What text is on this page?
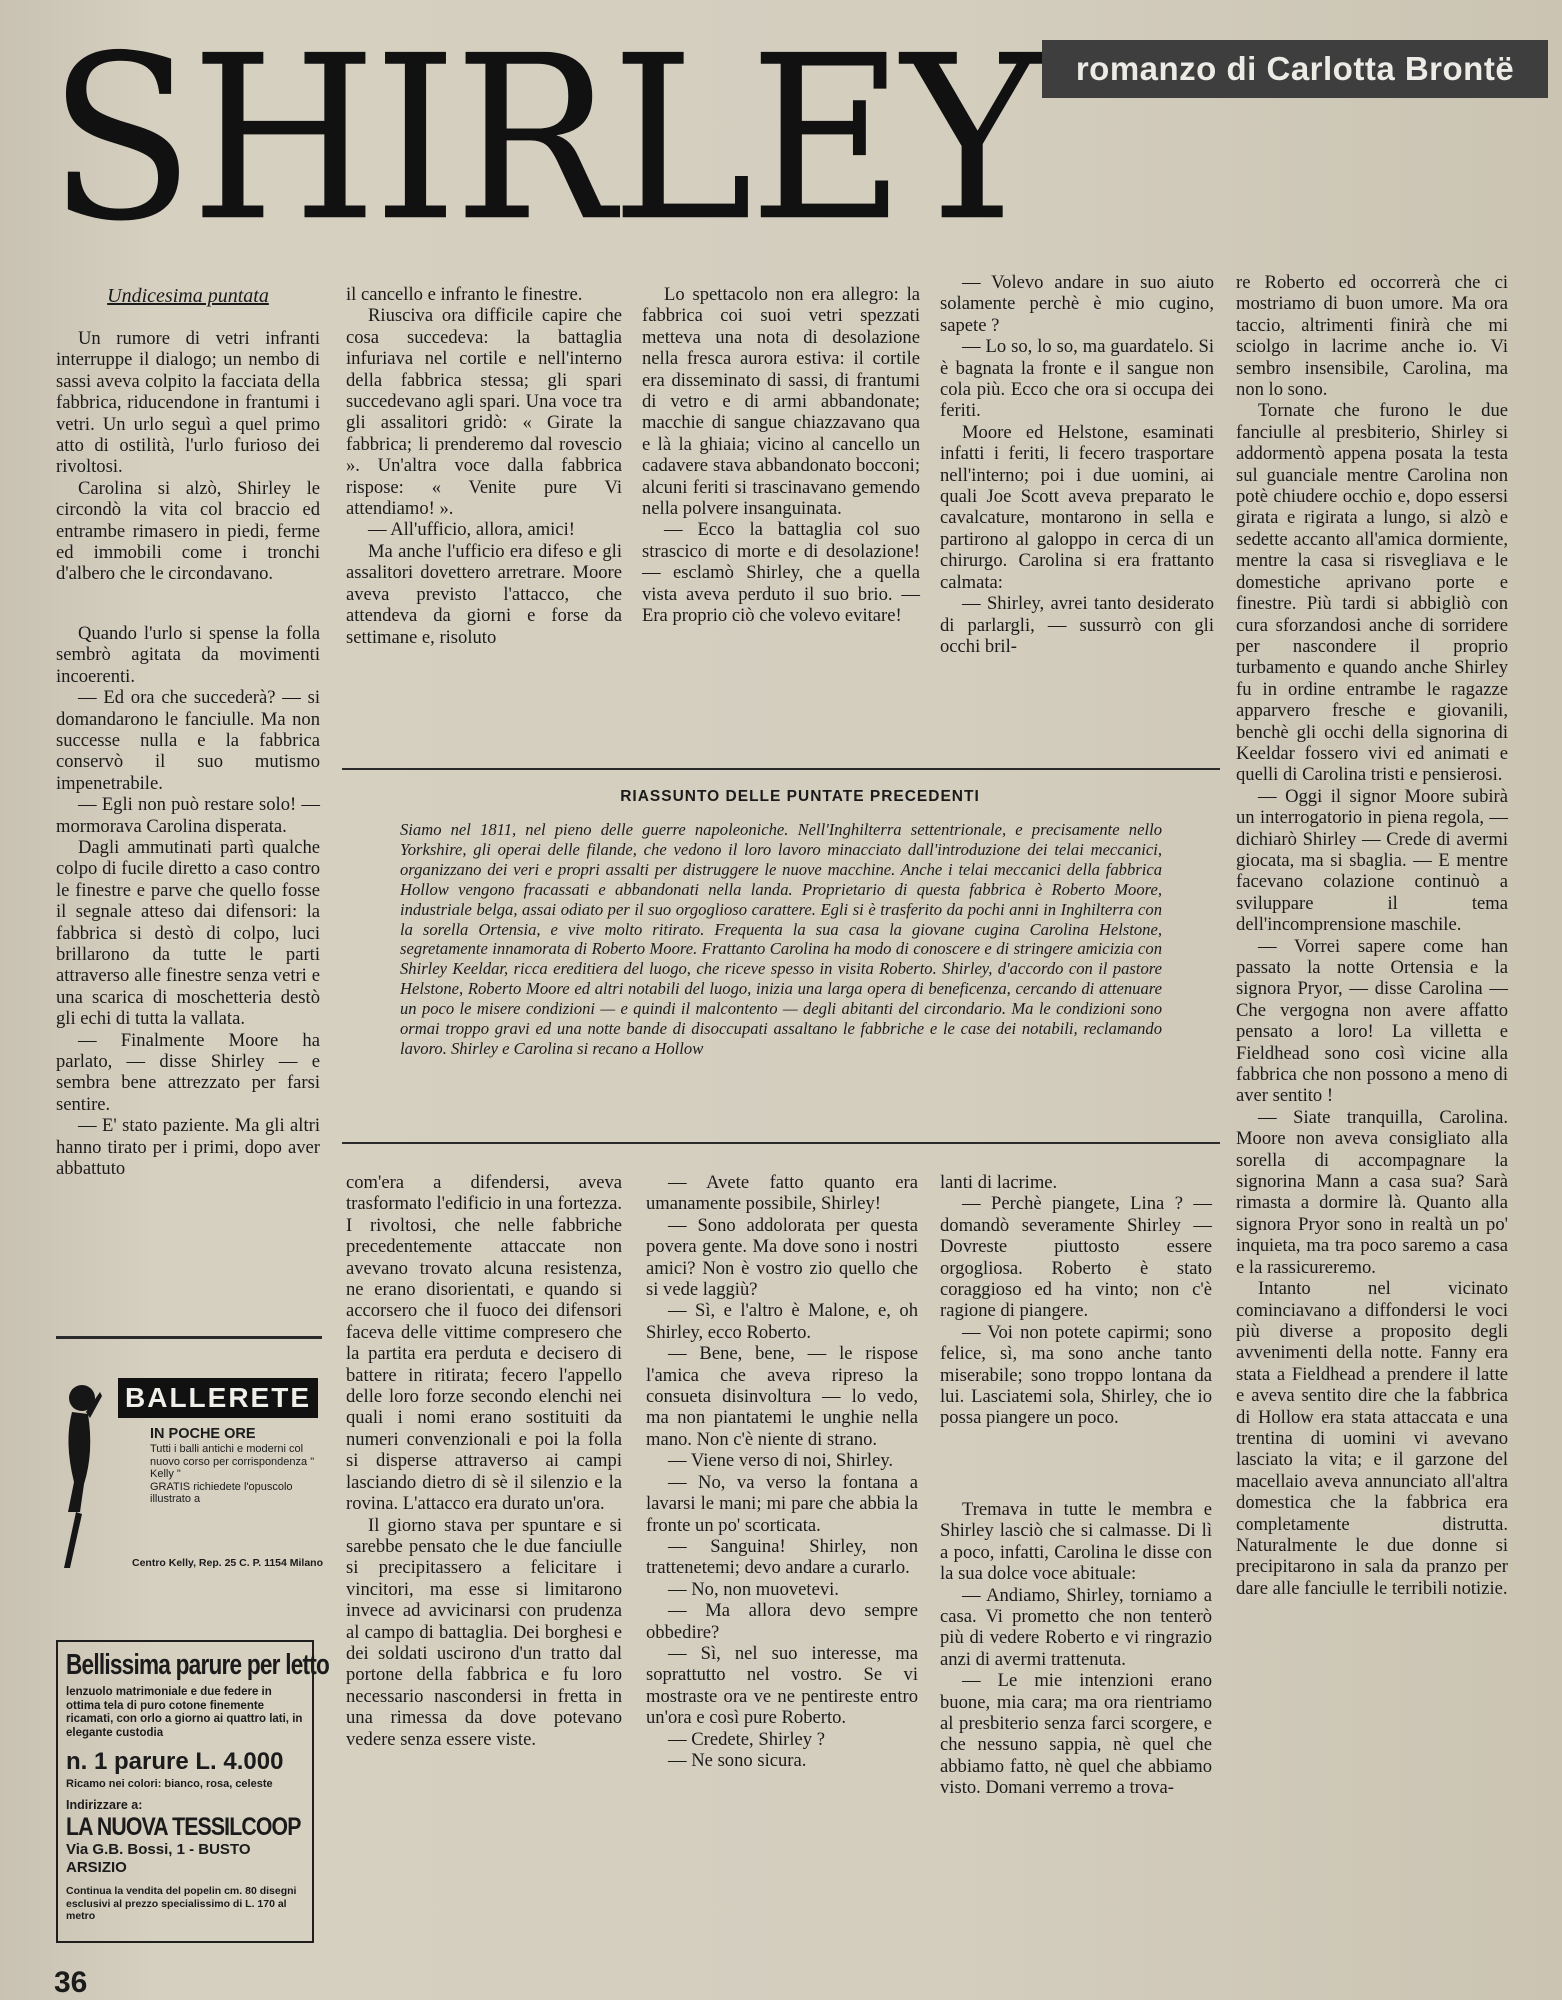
SHIRLEY	romanzo di Carlotta Brontë
Undicesima puntata

Un rumore di vetri infranti interruppe il dialogo; un nembo di sassi aveva colpito la facciata della fabbrica, riducendone in frantumi i vetri. Un urlo seguì a quel primo atto di ostilità, l'urlo furioso dei rivoltosi.

Carolina si alzò, Shirley le circondò la vita col braccio ed entrambe rimasero in piedi, ferme ed immobili come i tronchi d'albero che le circondavano.

Quando l'urlo si spense la folla sembrò agitata da movimenti incoerenti.

— Ed ora che succederà? — si domandarono le fanciulle. Ma non successe nulla e la fabbrica conservò il suo mutismo impenetrabile.

— Egli non può restare solo! — mormorava Carolina disperata.

Dagli ammutinati partì qualche colpo di fucile diretto a caso contro le finestre e parve che quello fosse il segnale atteso dai difensori: la fabbrica si destò di colpo, luci brillarono da tutte le parti attraverso alle finestre senza vetri e una scarica di moschetteria destò gli echi di tutta la vallata.

— Finalmente Moore ha parlato, — disse Shirley — e sembra bene attrezzato per farsi sentire.

— E' stato paziente. Ma gli altri hanno tirato per i primi, dopo aver abbattuto

il cancello e infranto le finestre.

Riusciva ora difficile capire che cosa succedeva: la battaglia infuriava nel cortile e nell'interno della fabbrica stessa; gli spari succedevano agli spari. Una voce tra gli assalitori gridò: « Girate la fabbrica; li prenderemo dal rovescio ». Un'altra voce dalla fabbrica rispose: « Venite pure Vi attendiamo! ».

— All'ufficio, allora, amici!

Ma anche l'ufficio era difeso e gli assalitori dovettero arretrare. Moore aveva previsto l'attacco, che attendeva da giorni e forse da settimane e, risoluto

Lo spettacolo non era allegro: la fabbrica coi suoi vetri spezzati metteva una nota di desolazione nella fresca aurora estiva: il cortile era disseminato di sassi, di frantumi di vetro e di armi abbandonate; macchie di sangue chiazzavano qua e là la ghiaia; vicino al cancello un cadavere stava abbandonato bocconi; alcuni feriti si trascinavano gemendo nella polvere insanguinata.

— Ecco la battaglia col suo strascico di morte e di desolazione! — esclamò Shirley, che a quella vista aveva perduto il suo brio. — Era proprio ciò che volevo evitare!

— Volevo andare in suo aiuto solamente perchè è mio cugino, sapete ?

— Lo so, lo so, ma guardatelo. Si è bagnata la fronte e il sangue non cola più. Ecco che ora si occupa dei feriti.

Moore ed Helstone, esaminati infatti i feriti, li fecero trasportare nell'interno; poi i due uomini, ai quali Joe Scott aveva preparato le cavalcature, montarono in sella e partirono al galoppo in cerca di un chirurgo. Carolina si era frattanto calmata:

— Shirley, avrei tanto desiderato di parlargli, — sussurrò con gli occhi bril-

re Roberto ed occorrerà che ci mostriamo di buon umore. Ma ora taccio, altrimenti finirà che mi sciolgo in lacrime anche io. Vi sembro insensibile, Carolina, ma non lo sono.

Tornate che furono le due fanciulle al presbiterio, Shirley si addormentò appena posata la testa sul guanciale mentre Carolina non potè chiudere occhio e, dopo essersi girata e rigirata a lungo, si alzò e sedette accanto all'amica dormiente, mentre la casa si risvegliava e le domestiche aprivano porte e finestre. Più tardi si abbigliò con cura sforzandosi anche di sorridere per nascondere il proprio turbamento e quando anche Shirley fu in ordine entrambe le ragazze apparvero fresche e giovanili, benchè gli occhi della signorina di Keeldar fossero vivi ed animati e quelli di Carolina tristi e pensierosi.

— Oggi il signor Moore subirà un interrogatorio in piena regola, — dichiarò Shirley — Crede di avermi giocata, ma si sbaglia. — E mentre facevano colazione continuò a sviluppare il tema dell'incomprensione maschile.

— Vorrei sapere come han passato la notte Ortensia e la signora Pryor, — disse Carolina — Che vergogna non avere affatto pensato a loro! La villetta e Fieldhead sono così vicine alla fabbrica che non possono a meno di aver sentito !

— Siate tranquilla, Carolina. Moore non aveva consigliato alla sorella di accompagnare la signorina Mann a casa sua? Sarà rimasta a dormire là. Quanto alla signora Pryor sono in realtà un po' inquieta, ma tra poco saremo a casa e la rassicureremo.

Intanto nel vicinato cominciavano a diffondersi le voci più diverse a proposito degli avvenimenti della notte. Fanny era stata a Fieldhead a prendere il latte e aveva sentito dire che la fabbrica di Hollow era stata attaccata e una trentina di uomini vi avevano lasciato la vita; e il garzone del macellaio aveva annunciato all'altra domestica che la fabbrica era completamente distrutta. Naturalmente le due donne si precipitarono in sala da pranzo per dare alle fanciulle le terribili notizie.

RIASSUNTO DELLE PUNTATE PRECEDENTI

Siamo nel 1811, nel pieno delle guerre napoleoniche. Nell'Inghilterra settentrionale, e precisamente nello Yorkshire, gli operai delle filande, che vedono il loro lavoro minacciato dall'introduzione dei telai meccanici, organizzano dei veri e propri assalti per distruggere le nuove macchine. Anche i telai meccanici della fabbrica Hollow vengono fracassati e abbandonati nella landa. Proprietario di questa fabbrica è Roberto Moore, industriale belga, assai odiato per il suo orgoglioso carattere. Egli si è trasferito da pochi anni in Inghilterra con la sorella Ortensia, e vive molto ritirato. Frequenta la sua casa la giovane cugina Carolina Helstone, segretamente innamorata di Roberto Moore. Frattanto Carolina ha modo di conoscere e di stringere amicizia con Shirley Keeldar, ricca ereditiera del luogo, che riceve spesso in visita Roberto. Shirley, d'accordo con il pastore Helstone, Roberto Moore ed altri notabili del luogo, inizia una larga opera di beneficenza, cercando di attenuare un poco le misere condizioni — e quindi il malcontento — degli abitanti del circondario. Ma le condizioni sono ormai troppo gravi ed una notte bande di disoccupati assaltano le fabbriche e le case dei notabili, reclamando lavoro. Shirley e Carolina si recano a Hollow

com'era a difendersi, aveva trasformato l'edificio in una fortezza. I rivoltosi, che nelle fabbriche precedentemente attaccate non avevano trovato alcuna resistenza, ne erano disorientati, e quando si accorsero che il fuoco dei difensori faceva delle vittime compresero che la partita era perduta e decisero di battere in ritirata; fecero l'appello delle loro forze secondo elenchi nei quali i nomi erano sostituiti da numeri convenzionali e poi la folla si disperse attraverso ai campi lasciando dietro di sè il silenzio e la rovina. L'attacco era durato un'ora.

Il giorno stava per spuntare e si sarebbe pensato che le due fanciulle si precipitassero a felicitare i vincitori, ma esse si limitarono invece ad avvicinarsi con prudenza al campo di battaglia. Dei borghesi e dei soldati uscirono d'un tratto dal portone della fabbrica e fu loro necessario nascondersi in fretta in una rimessa da dove potevano vedere senza essere viste.

— Avete fatto quanto era umanamente possibile, Shirley!

— Sono addolorata per questa povera gente. Ma dove sono i nostri amici? Non è vostro zio quello che si vede laggiù?

— Sì, e l'altro è Malone, e, oh Shirley, ecco Roberto.

— Bene, bene, — le rispose l'amica che aveva ripreso la consueta disinvoltura — lo vedo, ma non piantatemi le unghie nella mano. Non c'è niente di strano.

— Viene verso di noi, Shirley.

— No, va verso la fontana a lavarsi le mani; mi pare che abbia la fronte un po' scorticata.

— Sanguina! Shirley, non trattenetemi; devo andare a curarlo.

— No, non muovetevi.

— Ma allora devo sempre obbedire?

— Sì, nel suo interesse, ma soprattutto nel vostro. Se vi mostraste ora ve ne pentireste entro un'ora e così pure Roberto.

— Credete, Shirley ?

— Ne sono sicura.

lanti di lacrime.

— Perchè piangete, Lina ? — domandò severamente Shirley — Dovreste piuttosto essere orgogliosa. Roberto è stato coraggioso ed ha vinto; non c'è ragione di piangere.

— Voi non potete capirmi; sono felice, sì, ma sono anche tanto miserabile; sono troppo lontana da lui. Lasciatemi sola, Shirley, che io possa piangere un poco.

Tremava in tutte le membra e Shirley lasciò che si calmasse. Di lì a poco, infatti, Carolina le disse con la sua dolce voce abituale:

— Andiamo, Shirley, torniamo a casa. Vi prometto che non tenterò più di vedere Roberto e vi ringrazio anzi di avermi trattenuta.

— Le mie intenzioni erano buone, mia cara; ma ora rientriamo al presbiterio senza farci scorgere, e che nessuno sappia, nè quel che abbiamo fatto, nè quel che abbiamo visto. Domani verremo a trova-

BALLERETE
IN POCHE ORE
Tutti i balli antichi e moderni col nuovo corso per corrispondenza " Kelly "
GRATIS richiedete l'opuscolo illustrato a
Centro Kelly, Rep. 25 C. P. 1154 Milano
Bellissima parure per letto
lenzuolo matrimoniale e due federe in ottima tela di puro cotone finemente ricamati, con orlo a giorno ai quattro lati, in elegante custodia
n. 1 parure L. 4.000
Ricamo nei colori: bianco, rosa, celeste
Indirizzare a:
LA NUOVA TESSILCOOP
Via G.B. Bossi, 1 - BUSTO ARSIZIO
Continua la vendita del popelin cm. 80 disegni esclusivi al prezzo specialissimo di L. 170 al metro
36
